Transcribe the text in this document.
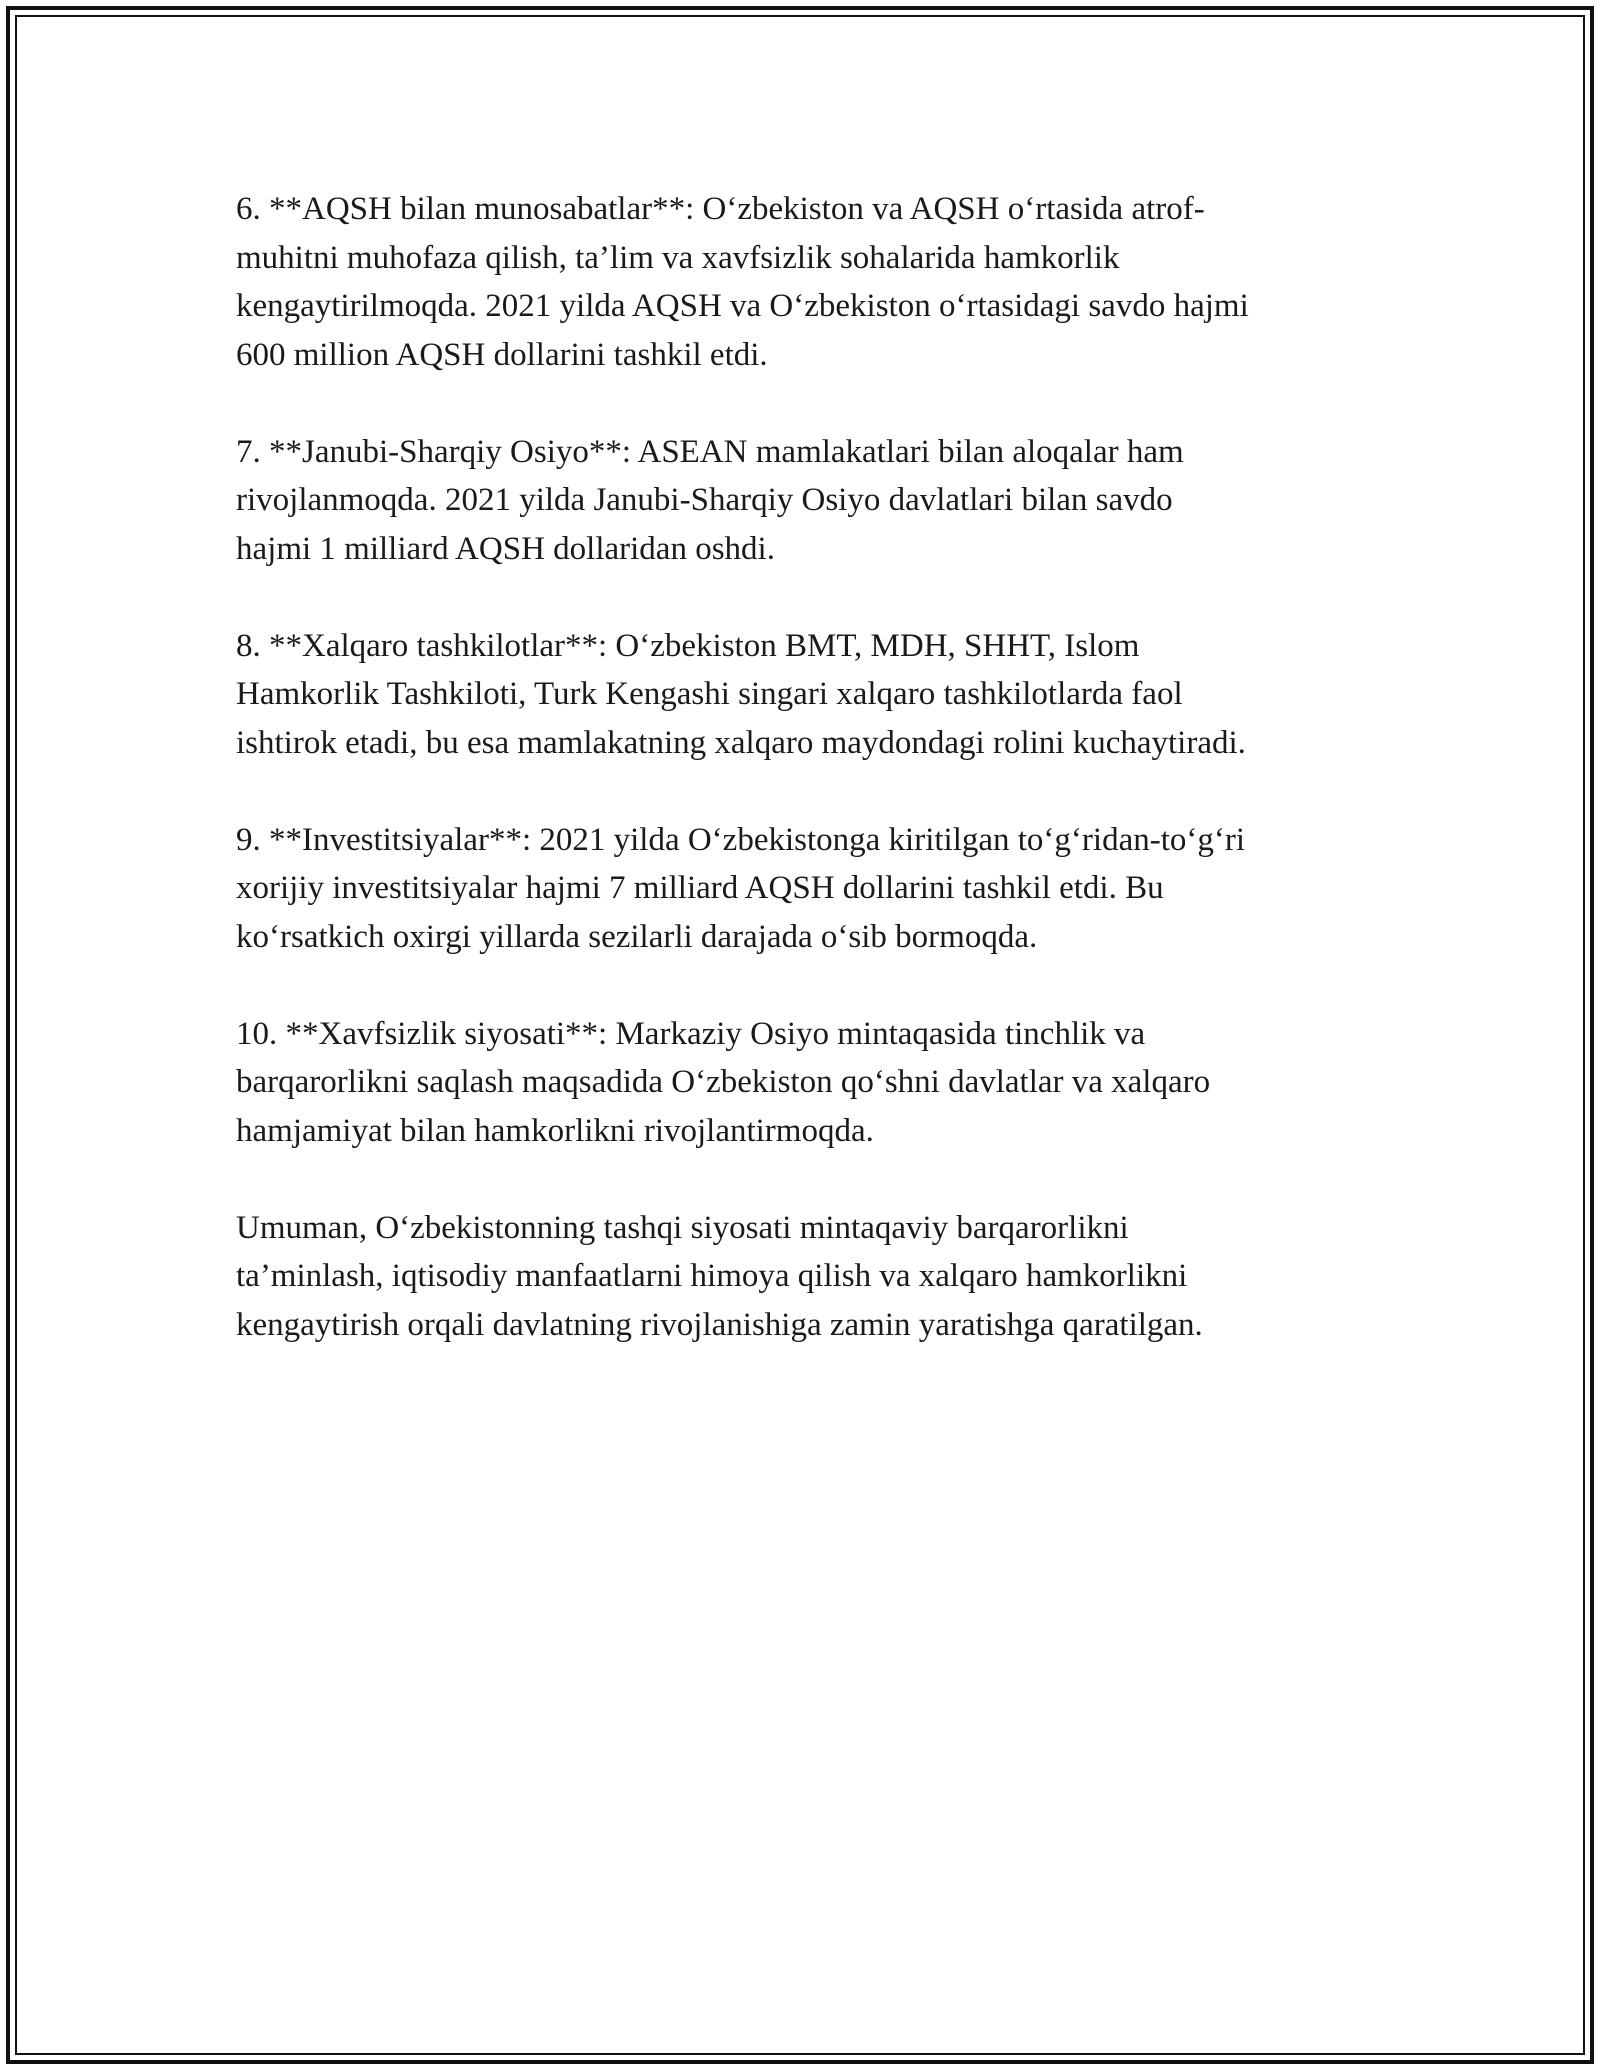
6. **AQSH bilan munosabatlar**: O‘zbekiston va AQSH o‘rtasida atrof-
muhitni muhofaza qilish, ta’lim va xavfsizlik sohalarida hamkorlik
kengaytirilmoqda. 2021 yilda AQSH va O‘zbekiston o‘rtasidagi savdo hajmi
600 million AQSH dollarini tashkil etdi.

7. **Janubi-Sharqiy Osiyo**: ASEAN mamlakatlari bilan aloqalar ham
rivojlanmoqda. 2021 yilda Janubi-Sharqiy Osiyo davlatlari bilan savdo
hajmi 1 milliard AQSH dollaridan oshdi.

8. **Xalqaro tashkilotlar**: O‘zbekiston BMT, MDH, SHHT, Islom
Hamkorlik Tashkiloti, Turk Kengashi singari xalqaro tashkilotlarda faol
ishtirok etadi, bu esa mamlakatning xalqaro maydondagi rolini kuchaytiradi.

9. **Investitsiyalar**: 2021 yilda O‘zbekistonga kiritilgan to‘g‘ridan-to‘g‘ri
xorijiy investitsiyalar hajmi 7 milliard AQSH dollarini tashkil etdi. Bu
ko‘rsatkich oxirgi yillarda sezilarli darajada o‘sib bormoqda.

10. **Xavfsizlik siyosati**: Markaziy Osiyo mintaqasida tinchlik va
barqarorlikni saqlash maqsadida O‘zbekiston qo‘shni davlatlar va xalqaro
hamjamiyat bilan hamkorlikni rivojlantirmoqda.

Umuman, O‘zbekistonning tashqi siyosati mintaqaviy barqarorlikni
ta’minlash, iqtisodiy manfaatlarni himoya qilish va xalqaro hamkorlikni
kengaytirish orqali davlatning rivojlanishiga zamin yaratishga qaratilgan.
